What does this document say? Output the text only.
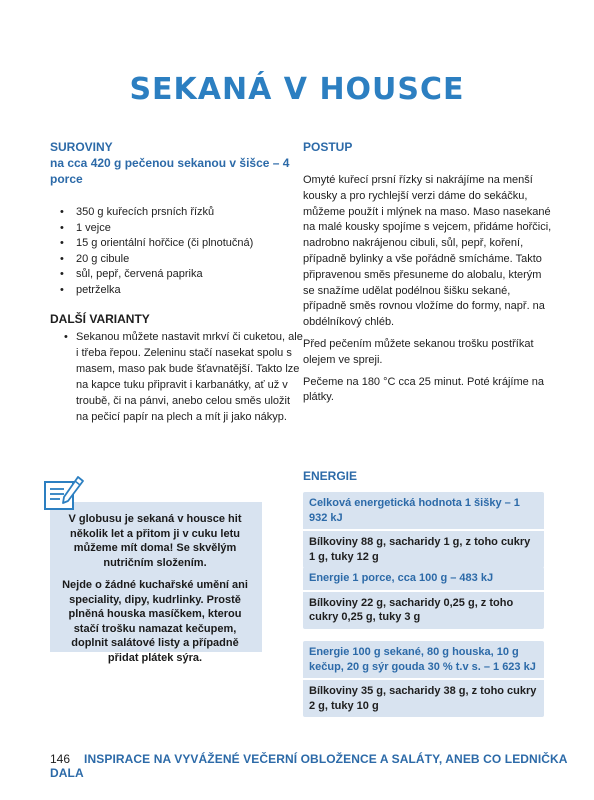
SEKANÁ V HOUSCE

SUROVINY

na cca 420 g pečenou sekanou v šišce – 4 porce

• 350 g kuřecích prsních řízků
• 1 vejce
• 15 g orientální hořčice (či plnotučná)
• 20 g cibule
• sůl, pepř, červená paprika
• petrželka

DALŠÍ VARIANTY

• Sekanou můžete nastavit mrkví či cuketou, ale i třeba řepou. Zeleninu stačí nasekat spolu s masem, maso pak bude šťavnatější. Takto lze na kapce tuku připravit i karbanátky, ať už v troubě, či na pánvi, anebo celou směs uložit na pečicí papír na plech a mít ji jako nákyp.

POSTUP

Omyté kuřecí prsní řízky si nakrájíme na menší kousky a pro rychlejší verzi dáme do sekáčku, můžeme použít i mlýnek na maso. Maso nasekané na malé kousky spojíme s vejcem, přidáme hořčici, nadrobno nakrájenou cibuli, sůl, pepř, koření, případně bylinky a vše pořádně smícháme. Takto připravenou směs přesuneme do alobalu, kterým se snažíme udělat podélnou šišku sekané, případně směs rovnou vložíme do formy, např. na obdélníkový chléb.

Před pečením můžete sekanou trošku postříkat olejem ve spreji.

Pečeme na 180 °C cca 25 minut. Poté krájíme na plátky.

V globusu je sekaná v housce hit několik let a přitom ji v cuku letu můžeme mít doma! Se skvělým nutričním složením.

Nejde o žádné kuchařské umění ani speciality, dipy, kudrlinky. Prostě plněná houska masíčkem, kterou stačí trošku namazat kečupem, doplnit salátové listy a případně přidat plátek sýra.

ENERGIE

Celková energetická hodnota 1 šišky – 1 932 kJ
Bílkoviny 88 g, sacharidy 1 g, z toho cukry 1 g, tuky 12 g
Energie 1 porce, cca 100 g – 483 kJ
Bílkoviny 22 g, sacharidy 0,25 g, z toho cukry 0,25 g, tuky 3 g
Energie 100 g sekané, 80 g houska, 10 g kečup, 20 g sýr gouda 30 % t.v s. – 1 623 kJ
Bílkoviny 35 g, sacharidy 38 g, z toho cukry 2 g, tuky 10 g
146 INSPIRACE NA VYVÁŽENÉ VEČERNÍ OBLOŽENCE A SALÁTY, ANEB CO LEDNIČKA DALA
